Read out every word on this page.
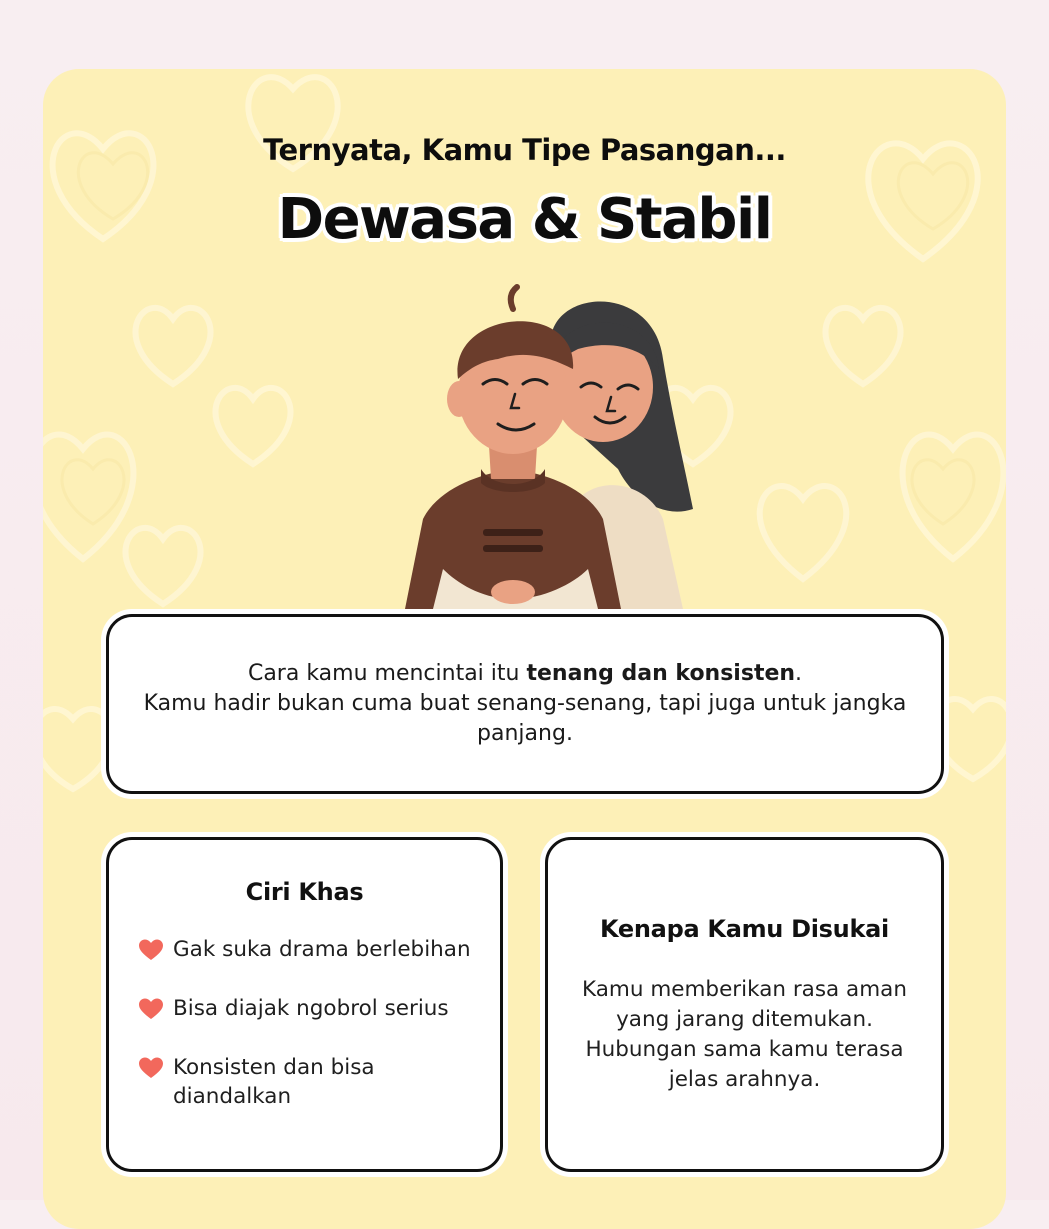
Ternyata, Kamu Tipe Pasangan...
Dewasa & Stabil
Cara kamu mencintai itu tenang dan konsisten.
Kamu hadir bukan cuma buat senang-senang, tapi juga untuk jangka panjang.
Ciri Khas
Gak suka drama berlebihan
Bisa diajak ngobrol serius
Konsisten dan bisa diandalkan
Kenapa Kamu Disukai
Kamu memberikan rasa aman yang jarang ditemukan.
Hubungan sama kamu terasa jelas arahnya.
